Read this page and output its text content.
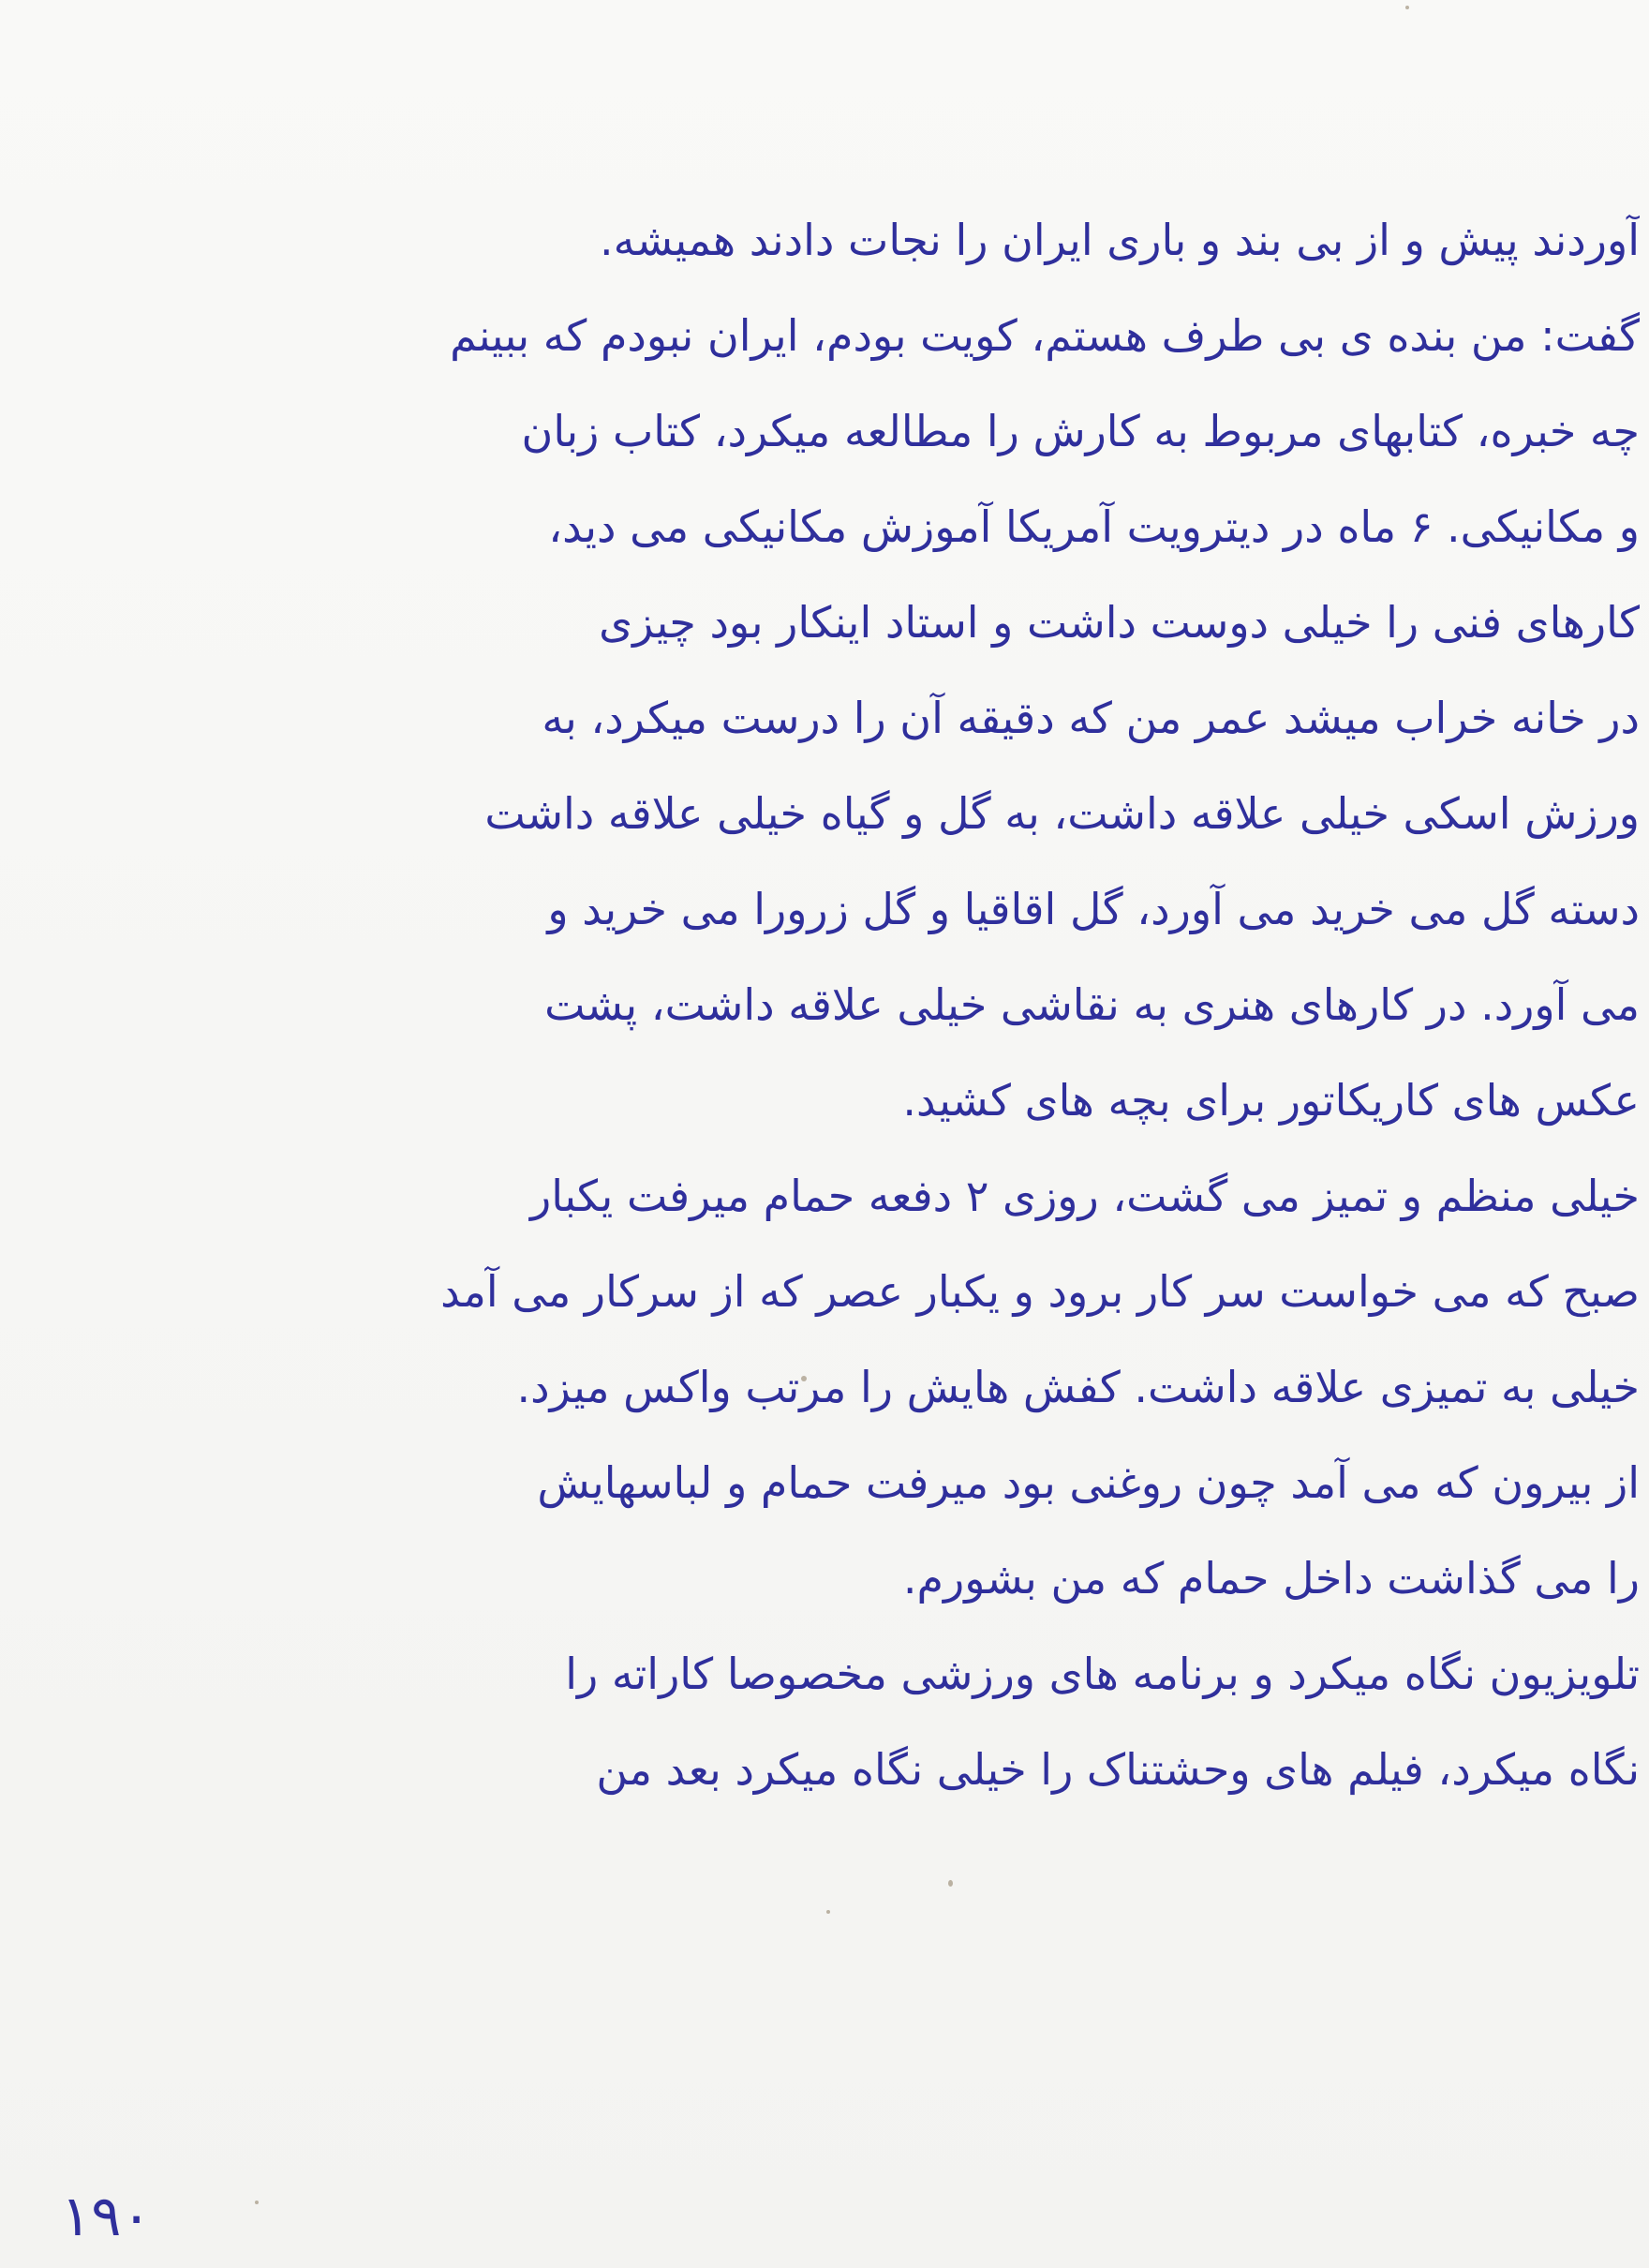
آوردند پیش و از بی بند و باری ایران را نجات دادند همیشه.
گفت: من بنده ی بی طرف هستم، کویت بودم، ایران نبودم که ببینم
چه خبره، کتابهای مربوط به کارش را مطالعه میکرد، کتاب زبان
و مکانیکی. ۶ ماه در دیترویت آمریکا آموزش مکانیکی می دید،
کارهای فنی را خیلی دوست داشت و استاد اینکار بود چیزی
در خانه خراب میشد عمر من که دقیقه آن را درست میکرد، به
ورزش اسکی خیلی علاقه داشت، به گل و گیاه خیلی علاقه داشت
دسته گل می خرید می آورد، گل اقاقیا و گل زرورا می خرید و
می آورد. در کارهای هنری به نقاشی خیلی علاقه داشت، پشت
عکس های کاریکاتور برای بچه های کشید.
خیلی منظم و تمیز می گشت، روزی ۲ دفعه حمام میرفت یکبار
صبح که می خواست سر کار برود و یکبار عصر که از سرکار می آمد
خیلی به تمیزی علاقه داشت. کفش هایش را مرتب واکس میزد.
از بیرون که می آمد چون روغنی بود میرفت حمام و لباسهایش
را می گذاشت داخل حمام که من بشورم.
تلویزیون نگاه میکرد و برنامه های ورزشی مخصوصا کاراته را
نگاه میکرد، فیلم های وحشتناک را خیلی نگاه میکرد بعد من
۱۹۰
